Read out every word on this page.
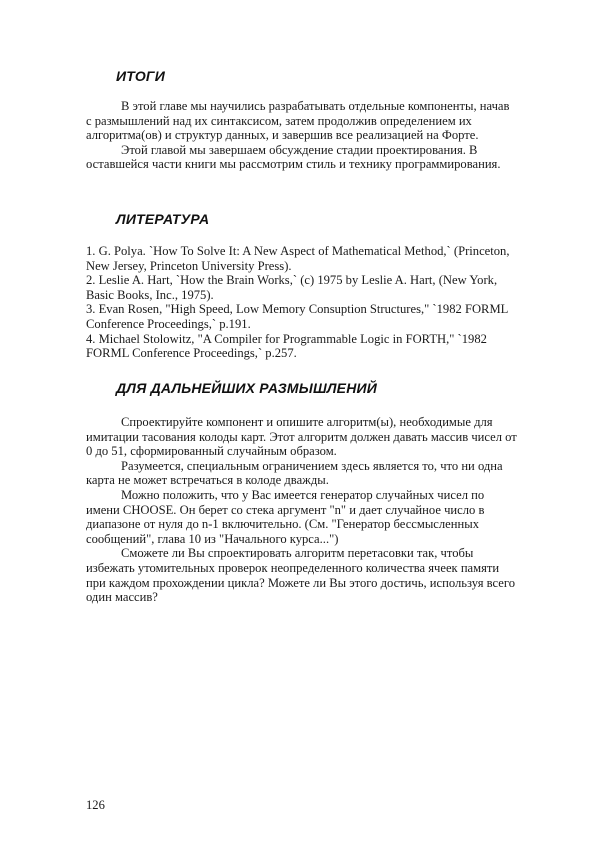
ИТОГИ

В этой главе мы научились разрабатывать отдельные компоненты, начав с размышлений над их синтаксисом, затем продолжив определением их алгоритма(ов) и структур данных, и завершив все реализацией на Форте.

Этой главой мы завершаем обсуждение стадии проектирования. В оставшейся части книги мы рассмотрим стиль и технику программирования.

ЛИТЕРАТУРА

1. G. Polya. `How To Solve It: A New Aspect of Mathematical Method,` (Princeton, New Jersey, Princeton University Press).

2. Leslie A. Hart, `How the Brain Works,` (c) 1975 by Leslie A. Hart, (New York, Basic Books, Inc., 1975).

3. Evan Rosen, "High Speed, Low Memory Consuption Structures," `1982 FORML Conference Proceedings,` p.191.

4. Michael Stolowitz, "A Compiler for Programmable Logic in FORTH," `1982 FORML Conference Proceedings,` p.257.

ДЛЯ ДАЛЬНЕЙШИХ РАЗМЫШЛЕНИЙ

Спроектируйте компонент и опишите алгоритм(ы), необходимые для имитации тасования колоды карт. Этот алгоритм должен давать массив чисел от 0 до 51, сформированный случайным образом.

Разумеется, специальным ограничением здесь является то, что ни одна карта не может встречаться в колоде дважды.

Можно положить, что у Вас имеется генератор случайных чисел по имени CHOOSE. Он берет со стека аргумент "n" и дает случайное число в диапазоне от нуля до n-1 включительно. (См. "Генератор бессмысленных сообщений", глава 10 из "Начального курса...")

Сможете ли Вы спроектировать алгоритм перетасовки так, чтобы избежать утомительных проверок неопределенного количества ячеек памяти при каждом прохождении цикла? Можете ли Вы этого достичь, используя всего один массив?

126
